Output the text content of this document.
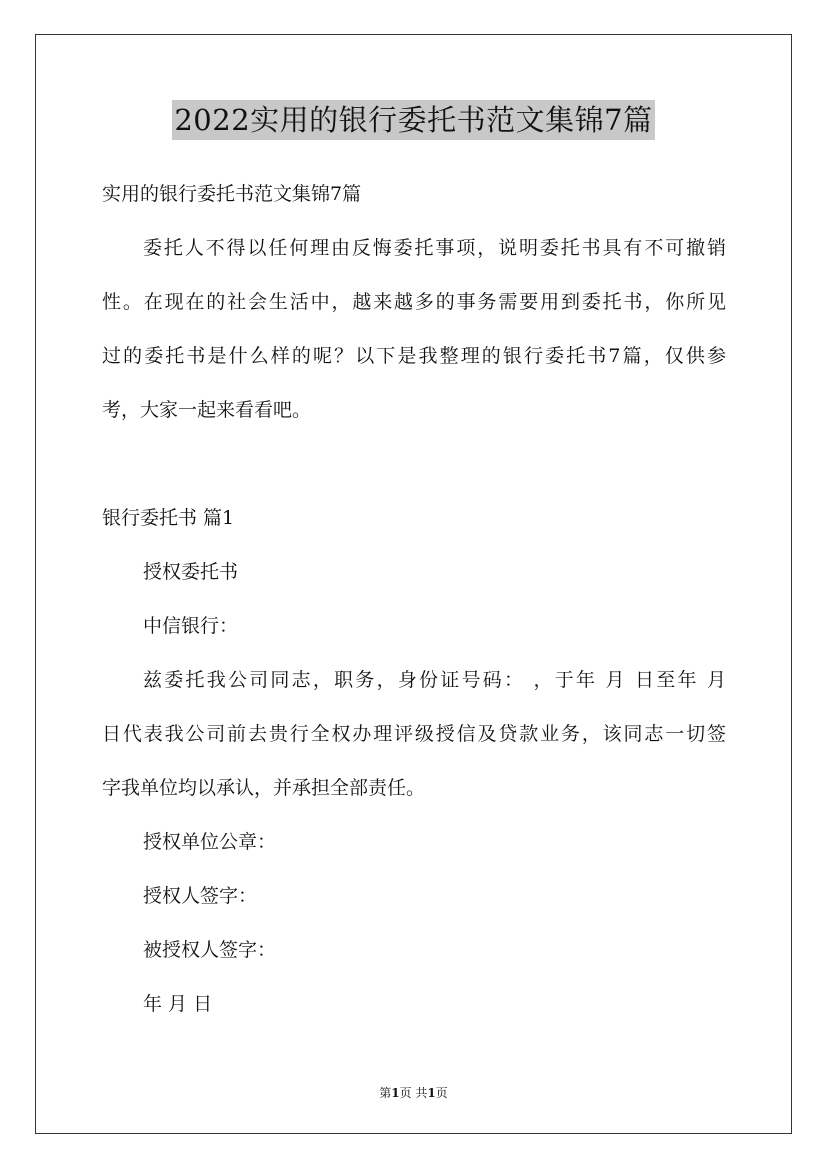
2022实用的银行委托书范文集锦7篇
实用的银行委托书范文集锦7篇
委托人不得以任何理由反悔委托事项，说明委托书具有不可撤销
性。在现在的社会生活中，越来越多的事务需要用到委托书，你所见
过的委托书是什么样的呢？以下是我整理的银行委托书7篇，仅供参
考，大家一起来看看吧。
银行委托书 篇1
授权委托书
中信银行：
兹委托我公司同志，职务，身份证号码： ，于年 月 日至年 月
日代表我公司前去贵行全权办理评级授信及贷款业务，该同志一切签
字我单位均以承认，并承担全部责任。
授权单位公章：
授权人签字：
被授权人签字：
年 月 日
第1页 共1页
